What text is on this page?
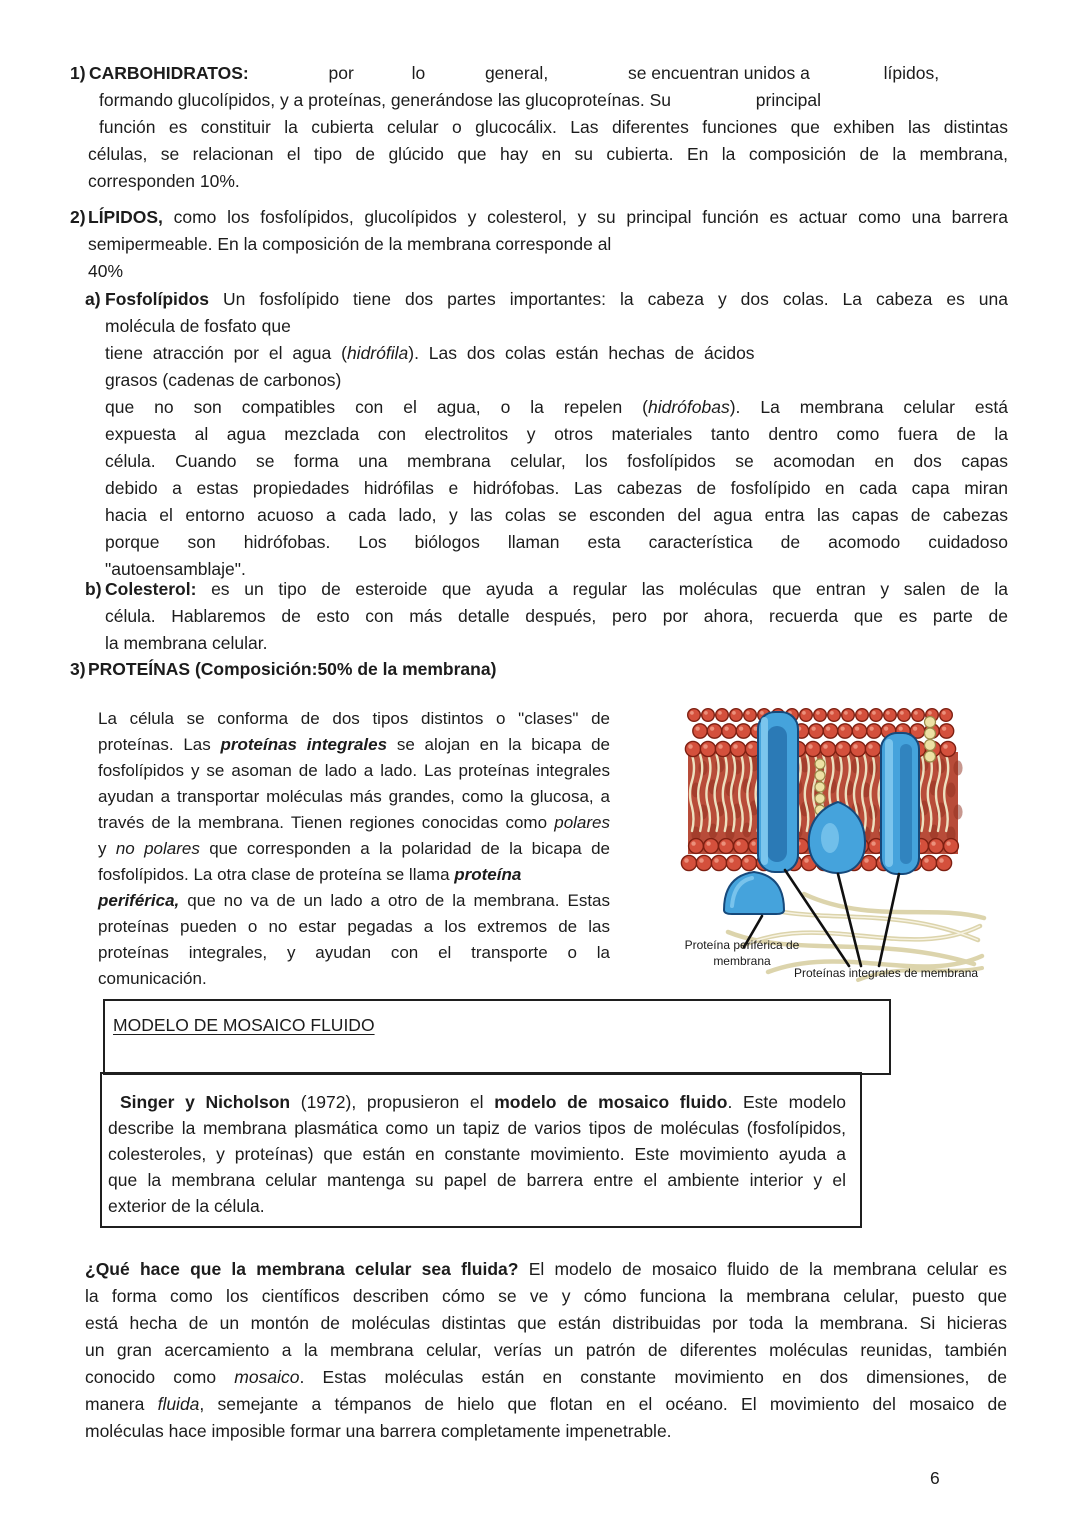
1) CARBOHIDRATOS:	por	lo	general,	se encuentran unidos a	lípidos,
formando glucolípidos, y a proteínas, generándose las glucoproteínas. Su	principal
función es constituir la cubierta celular o glucocálix. Las diferentes funciones que exhiben las distintas
células, se relacionan el tipo de glúcido que hay en su cubierta. En la composición de la membrana,
corresponden 10%.
2) LÍPIDOS, como los fosfolípidos, glucolípidos y colesterol, y su principal función es actuar como una barrera
semipermeable. En la composición de la membrana corresponde al
40%
a) Fosfolípidos Un fosfolípido tiene dos partes importantes: la cabeza y dos colas. La cabeza es una
molécula de fosfato que
tiene atracción por el agua (hidrófila). Las dos colas están hechas de ácidos
grasos (cadenas de carbonos)
que no son compatibles con el agua, o la repelen (hidrófobas). La membrana celular está
expuesta al agua mezclada con electrolitos y otros materiales tanto dentro como fuera de la
célula. Cuando se forma una membrana celular, los fosfolípidos se acomodan en dos capas
debido a estas propiedades hidrófilas e hidrófobas. Las cabezas de fosfolípido en cada capa miran
hacia el entorno acuoso a cada lado, y las colas se esconden del agua entra las capas de cabezas
porque son hidrófobas. Los biólogos llaman esta característica de acomodo cuidadoso
"autoensamblaje".
b) Colesterol: es un tipo de esteroide que ayuda a regular las moléculas que entran y salen de la
célula. Hablaremos de esto con más detalle después, pero por ahora, recuerda que es parte de
la membrana celular.
3) PROTEÍNAS (Composición:50% de la membrana)
La célula se conforma de dos tipos distintos o "clases" de
proteínas. Las proteínas integrales se alojan en la bicapa de
fosfolípidos y se asoman de lado a lado. Las proteínas integrales
ayudan a transportar moléculas más grandes, como la glucosa, a
través de la membrana. Tienen regiones conocidas como polares
y no polares que corresponden a la polaridad de la bicapa de
fosfolípidos. La otra clase de proteína se llama proteína
periférica, que no va de un lado a otro de la membrana. Estas
proteínas pueden o no estar pegadas a los extremos de las
proteínas integrales, y ayudan con el transporte o la
comunicación.
MODELO DE MOSAICO FLUIDO
Singer y Nicholson (1972), propusieron el modelo de mosaico fluido. Este modelo
describe la membrana plasmática como un tapiz de varios tipos de moléculas (fosfolípidos,
colesteroles, y proteínas) que están en constante movimiento. Este movimiento ayuda a
que la membrana celular mantenga su papel de barrera entre el ambiente interior y el
exterior de la célula.
¿Qué hace que la membrana celular sea fluida? El modelo de mosaico fluido de la membrana celular es
la forma como los científicos describen cómo se ve y cómo funciona la membrana celular, puesto que
está hecha de un montón de moléculas distintas que están distribuidas por toda la membrana. Si hicieras
un gran acercamiento a la membrana celular, verías un patrón de diferentes moléculas reunidas, también
conocido como mosaico. Estas moléculas están en constante movimiento en dos dimensiones, de
manera fluida, semejante a témpanos de hielo que flotan en el océano. El movimiento del mosaico de
moléculas hace imposible formar una barrera completamente impenetrable.
Proteína periférica de membrana
Proteínas integrales de membrana
6
